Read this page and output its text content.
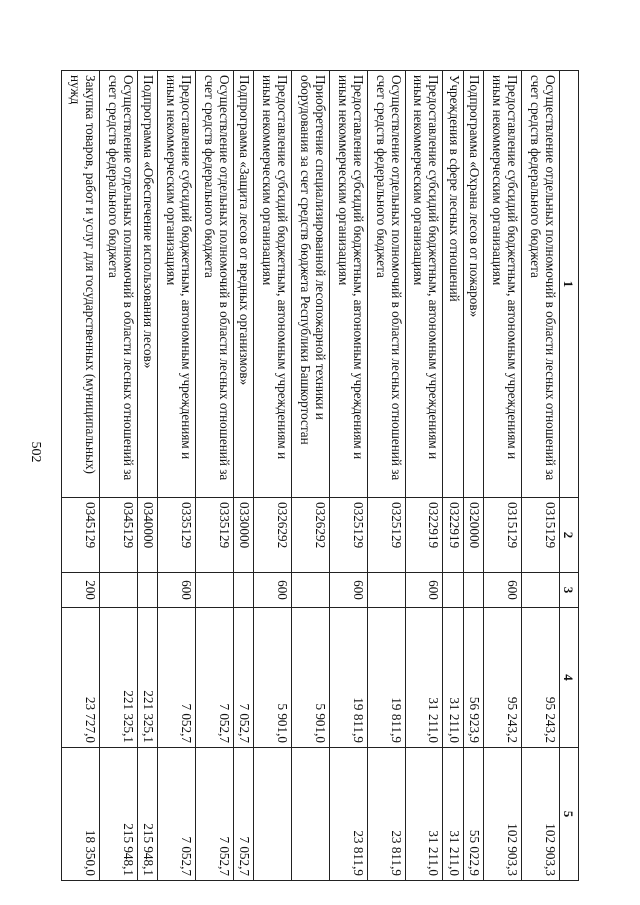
502
1	2	3	4	5
Осуществление отдельных полномочий в области лесных отношений за счет средств федерального бюджета	0315129		95 243,2	102 903,3
Предоставление субсидий бюджетным, автономным учреждениям и иным некоммерческим организациям	0315129	600	95 243,2	102 903,3
Подпрограмма «Охрана лесов от пожаров»	0320000		56 923,9	55 022,9
Учреждения в сфере лесных отношений	0322919		31 211,0	31 211,0
Предоставление субсидий бюджетным, автономным учреждениям и иным некоммерческим организациям	0322919	600	31 211,0	31 211,0
Осуществление отдельных полномочий в области лесных отношений за счет средств федерального бюджета	0325129		19 811,9	23 811,9
Предоставление субсидий бюджетным, автономным учреждениям и иным некоммерческим организациям	0325129	600	19 811,9	23 811,9
Приобретение специализированной лесопожарной техники и оборудования за счет средств бюджета Республики Башкортостан	0326292		5 901,0	
Предоставление субсидий бюджетным, автономным учреждениям и иным некоммерческим организациям	0326292	600	5 901,0	
Подпрограмма «Защита лесов от вредных организмов»	0330000		7 052,7	7 052,7
Осуществление отдельных полномочий в области лесных отношений за счет средств федерального бюджета	0335129		7 052,7	7 052,7
Предоставление субсидий бюджетным, автономным учреждениям и иным некоммерческим организациям	0335129	600	7 052,7	7 052,7
Подпрограмма «Обеспечение использования лесов»	0340000		221 325,1	215 948,1
Осуществление отдельных полномочий в области лесных отношений за счет средств федерального бюджета	0345129		221 325,1	215 948,1
Закупка товаров, работ и услуг для государственных (муниципальных) нужд	0345129	200	23 727,0	18 350,0
